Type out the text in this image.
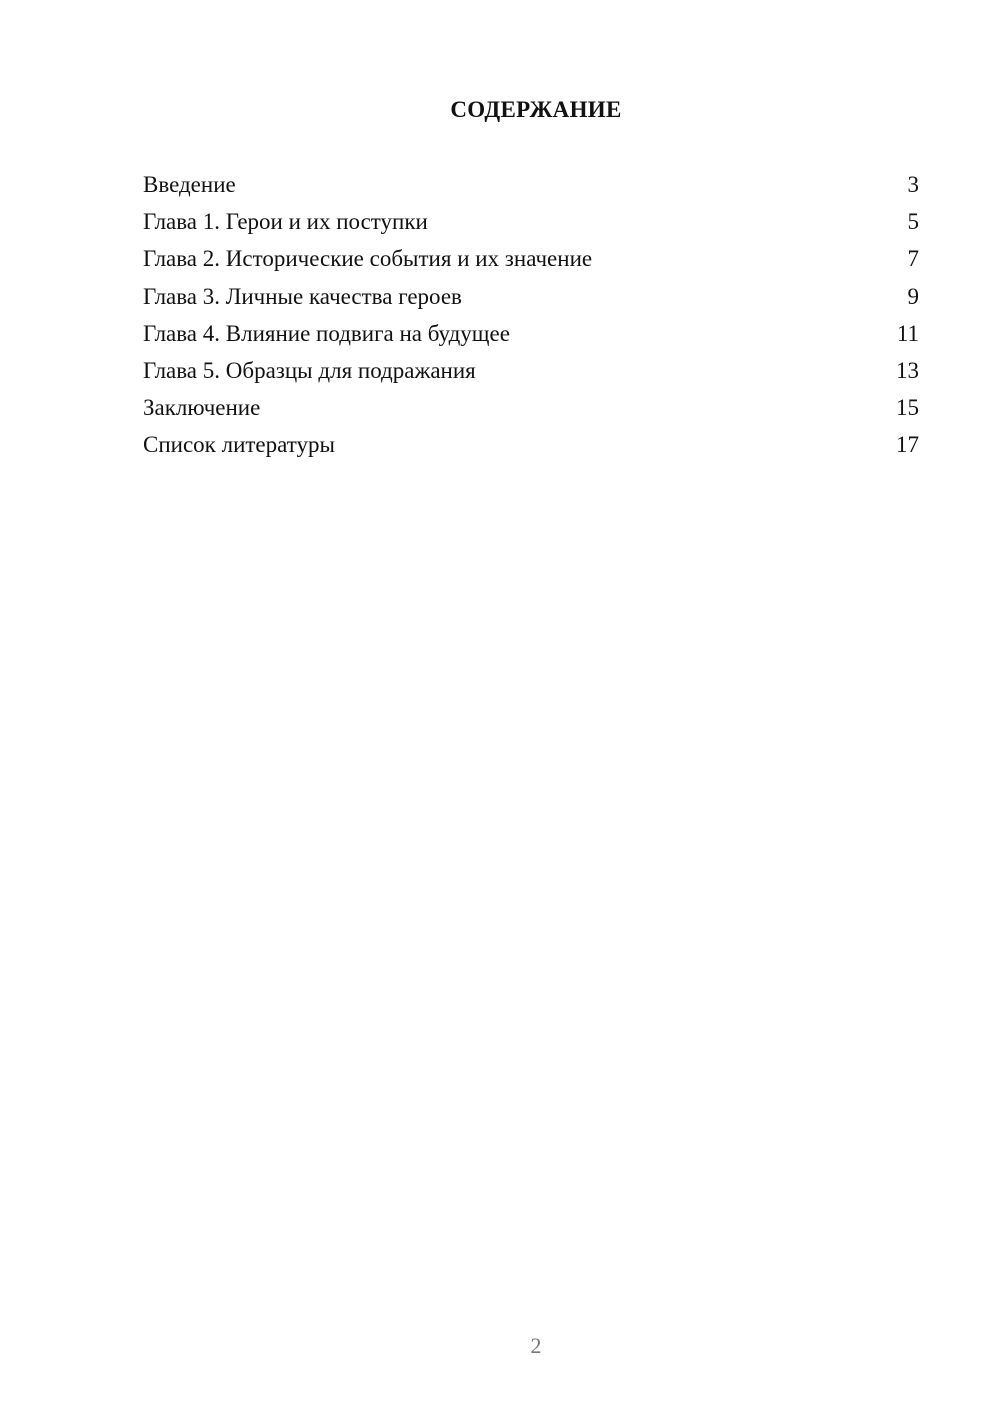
СОДЕРЖАНИЕ
Введение	3
Глава 1. Герои и их поступки	5
Глава 2. Исторические события и их значение	7
Глава 3. Личные качества героев	9
Глава 4. Влияние подвига на будущее	11
Глава 5. Образцы для подражания	13
Заключение	15
Список литературы	17
2
